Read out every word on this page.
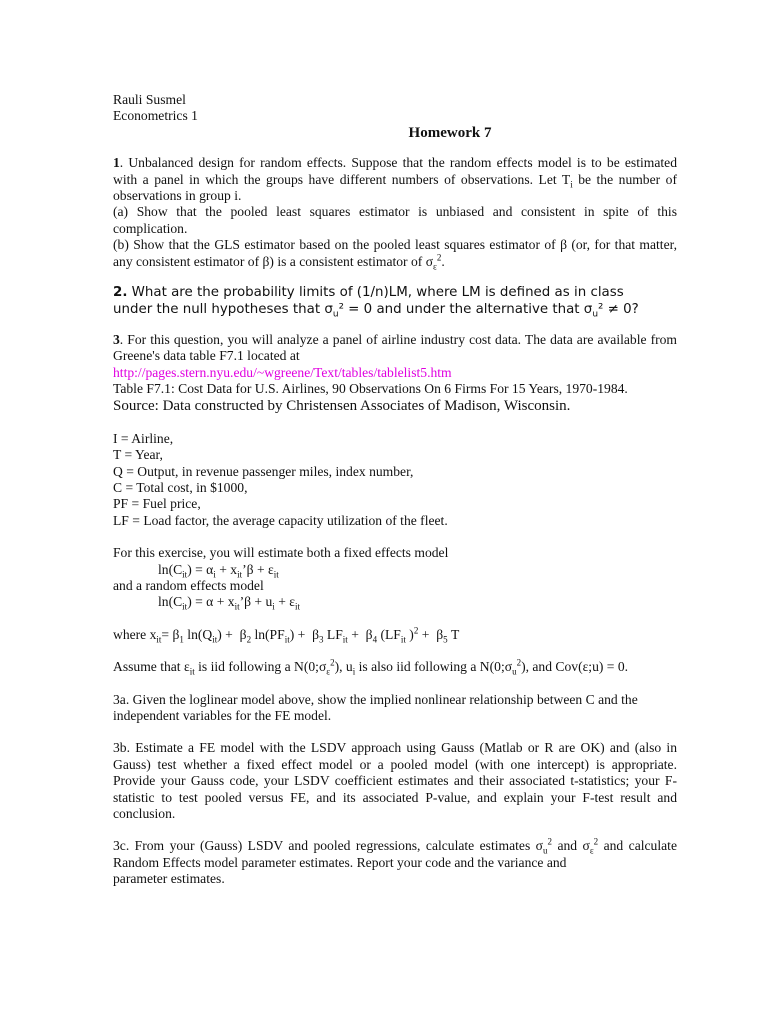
Rauli Susmel
Econometrics 1
Homework 7
1. Unbalanced design for random effects. Suppose that the random effects model is to be estimated
with a panel in which the groups have different numbers of observations. Let $T_i$ be the number of
observations in group i.
(a) Show that the pooled least squares estimator is unbiased and consistent in spite of this
complication.
(b) Show that the GLS estimator based on the pooled least squares estimator of β (or, for that matter,
any consistent estimator of β) is a consistent estimator of $\sigma_\varepsilon^2$.
2. What are the probability limits of (1/n)LM, where LM is defined as in class
under the null hypotheses that $\sigma_u^2 = 0$ and under the alternative that $\sigma_u^2 \ne 0$?
3. For this question, you will analyze a panel of airline industry cost data. The data are available from
Greene's data table F7.1 located at
http://pages.stern.nyu.edu/~wgreene/Text/tables/tablelist5.htm
Table F7.1: Cost Data for U.S. Airlines, 90 Observations On 6 Firms For 15 Years, 1970-1984.
Source: Data constructed by Christensen Associates of Madison, Wisconsin.
I = Airline,
T = Year,
Q = Output, in revenue passenger miles, index number,
C = Total cost, in $1000,
PF = Fuel price,
LF = Load factor, the average capacity utilization of the fleet.
For this exercise, you will estimate both a fixed effects model
$\ln(C_{it}) = \alpha_i$ + $x_{it}’\beta + \varepsilon_{it}$
and a random effects model
$\ln(C_{it}) = \alpha$ + $x_{it}’\beta + u_i + \varepsilon_{it}$
where $x_{it}= \beta_1$ $\ln(Q_{it}) + \beta_2$ $\ln(PF_{it}) + \beta_3$ $LF_{it} + \beta_4$ ($LF_{it}$ )$^2 + \beta_5$ T
Assume that $\varepsilon_{it}$ is iid following a $N(0;\sigma_\varepsilon^2)$, $u_i$ is also iid following a $N(0;\sigma_u^2)$, and Cov(ε;u) = 0.
3a. Given the loglinear model above, show the implied nonlinear relationship between C and the
independent variables for the FE model.
3b. Estimate a FE model with the LSDV approach using Gauss (Matlab or R are OK) and (also in
Gauss) test whether a fixed effect model or a pooled model (with one intercept) is appropriate.
Provide your Gauss code, your LSDV coefficient estimates and their associated t-statistics; your F-
statistic to test pooled versus FE, and its associated P-value, and explain your F-test result and
conclusion.
3c. From your (Gauss) LSDV and pooled regressions, calculate estimates $\sigma_u^2$ and $\sigma_\varepsilon^2$ and calculate
Random Effects model parameter estimates. Report your code and the variance and
parameter estimates.
